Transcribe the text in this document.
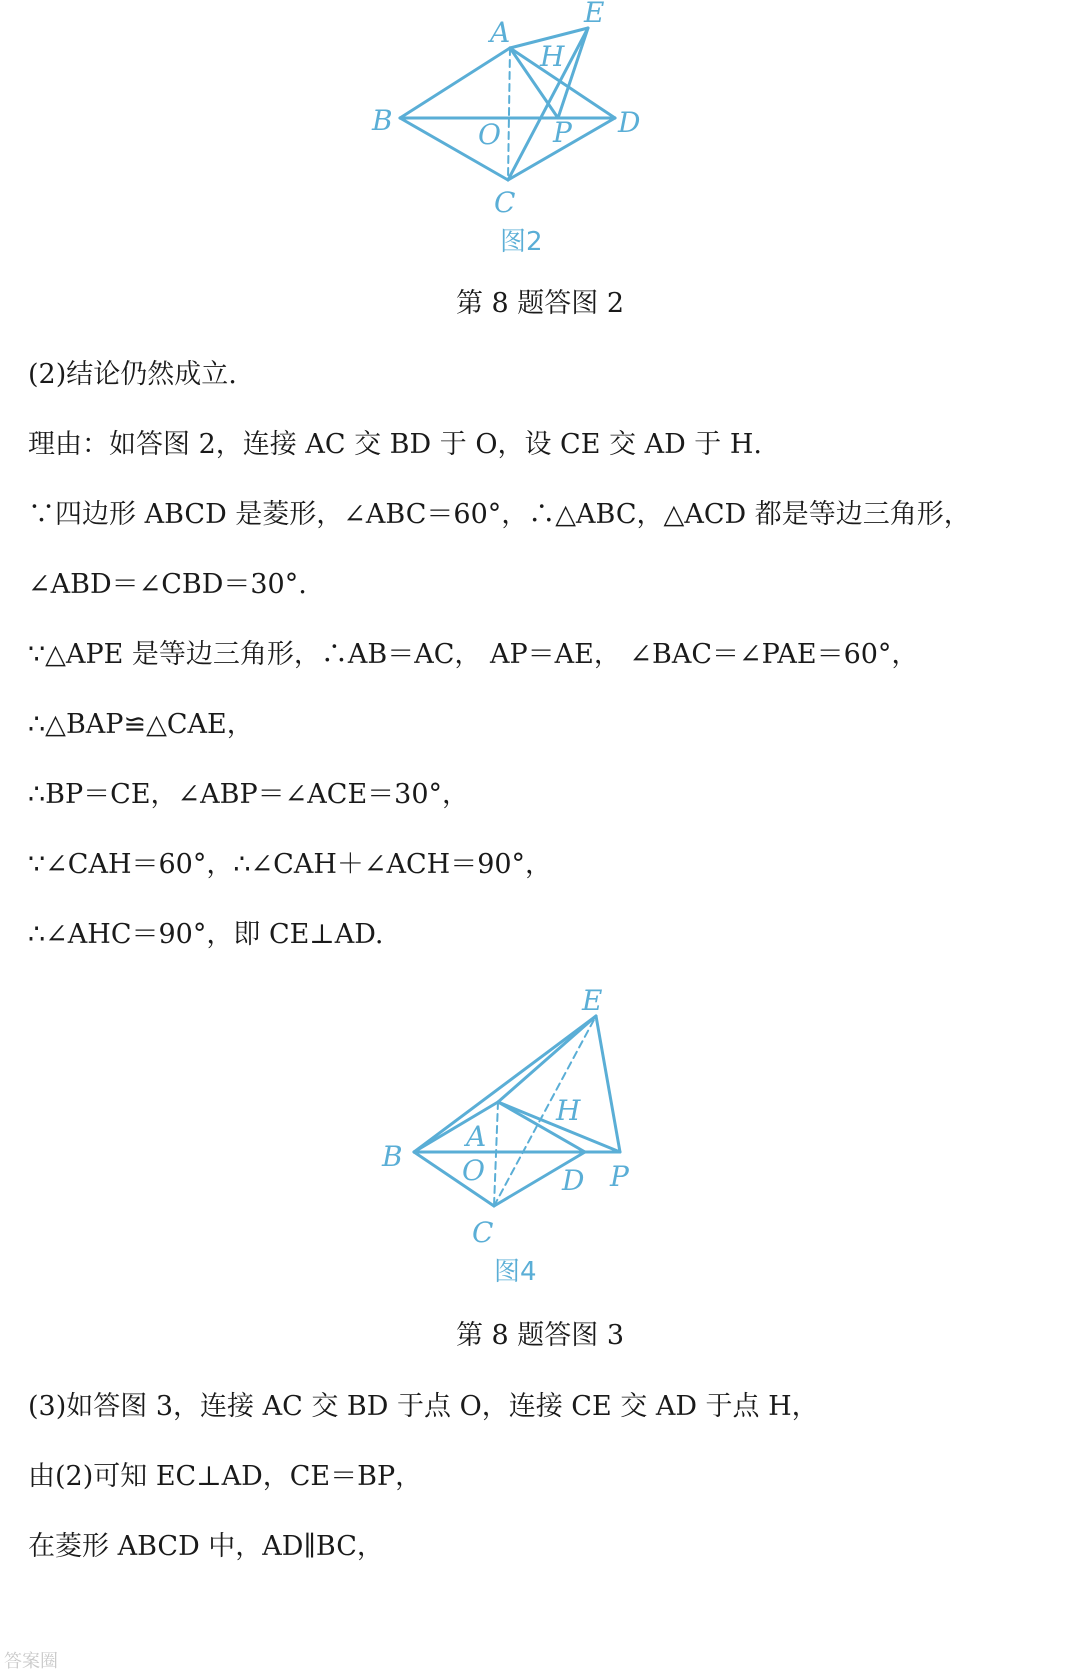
E
A
H
B	O P D
C
图2
第 8 题答图 2
(2)结论仍然成立.
理由：如答图 2，连接 AC 交 BD 于 O，设 CE 交 AD 于 H.
∵四边形 ABCD 是菱形，∠ABC＝60°，∴△ABC，△ACD 都是等边三角形，
∠ABD＝∠CBD＝30°.
∵△APE 是等边三角形，∴AB＝AC， AP＝AE， ∠BAC＝∠PAE＝60°，
∴△BAP≌△CAE，
∴BP＝CE，∠ABP＝∠ACE＝30°，
∵∠CAH＝60°，∴∠CAH＋∠ACH＝90°，
∴∠AHC＝90°，即 CE⊥AD.
E
H
A
B O	D P
C
图4
第 8 题答图 3
(3)如答图 3，连接 AC 交 BD 于点 O，连接 CE 交 AD 于点 H，
由(2)可知 EC⊥AD，CE＝BP，
在菱形 ABCD 中，AD∥BC，
答案圈
